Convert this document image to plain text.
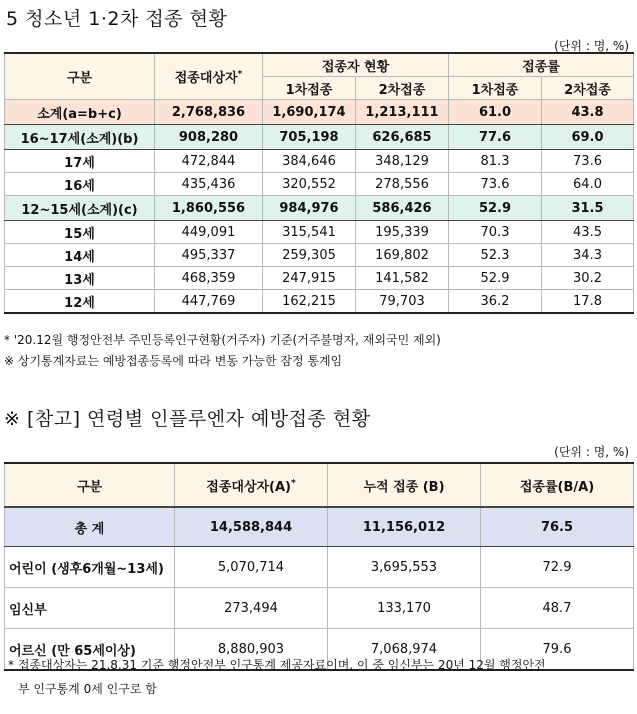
5 청소년 1·2차 접종 현황
(단위 : 명, %)
구분	접종대상자*	접종자 현황		접종률	
		1차접종	2차접종	1차접종	2차접종
소계(a=b+c)	2,768,836	1,690,174	1,213,111	61.0	43.8
16~17세(소계)(b)	908,280	705,198	626,685	77.6	69.0
17세	472,844	384,646	348,129	81.3	73.6
16세	435,436	320,552	278,556	73.6	64.0
12~15세(소계)(c)	1,860,556	984,976	586,426	52.9	31.5
15세	449,091	315,541	195,339	70.3	43.5
14세	495,337	259,305	169,802	52.3	34.3
13세	468,359	247,915	141,582	52.9	30.2
12세	447,769	162,215	79,703	36.2	17.8
* '20.12월 행정안전부 주민등록인구현황(거주자) 기준(거주불명자, 재외국민 제외)
※ 상기통계자료는 예방접종등록에 따라 변동 가능한 잠정 통계임
※ [참고] 연령별 인플루엔자 예방접종 현황
(단위 : 명, %)
구분	접종대상자(A)*	누적 접종 (B)	접종률(B/A)
총 계	14,588,844	11,156,012	76.5
어린이 (생후6개월~13세)	5,070,714	3,695,553	72.9
임신부	273,494	133,170	48.7
어르신 (만 65세이상)	8,880,903	7,068,974	79.6
* 접종대상자는 21.8.31 기준 행정안전부 인구통계 제공자료이며, 이 중 임신부는 20년 12월 행정안전
부 인구통계 0세 인구로 함
